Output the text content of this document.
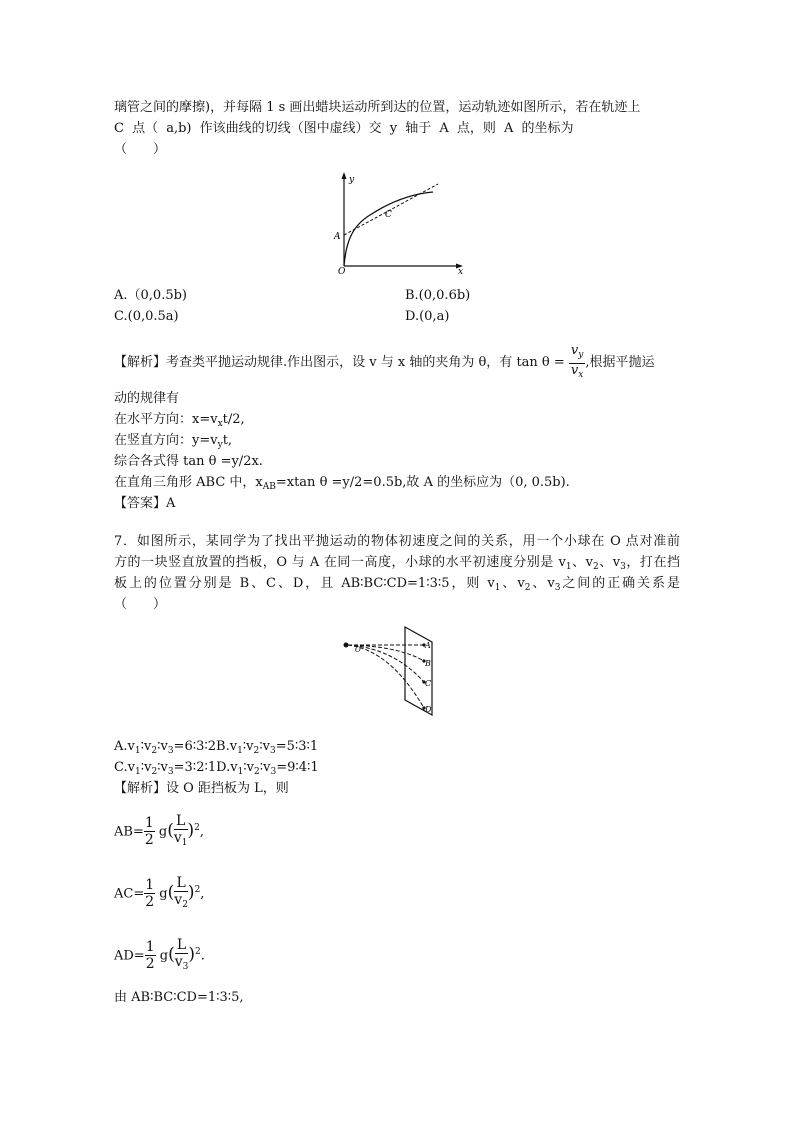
璃管之间的摩擦)，并每隔 1 s 画出蜡块运动所到达的位置，运动轨迹如图所示，若在轨迹上
C 点（ a,b) 作该曲线的切线（图中虚线）交 y 轴于 A 点，则 A 的坐标为
（　　）
y
x
O
A
C
A.（0,0.5b)	B.(0,0.6b)
C.(0,0.5a)	D.(0,a)
【解析】考查类平抛运动规律.作出图示，设 v 与 x 轴的夹角为 θ，有 $\tan \theta = \frac{v_y}{v_x}$ ,根据平抛运
动的规律有
在水平方向：$x=v_xt/2$,
在竖直方向：$y=v_yt$,
综合各式得 tan θ =y/2x.
在直角三角形 ABC 中，$x_{AB}=xtan$ θ =y/2=0.5b,故 A 的坐标应为（0, 0.5b).
【答案】A
7．如图所示，某同学为了找出平抛运动的物体初速度之间的关系，用一个小球在 O 点对准前
方的一块竖直放置的挡板，O 与 A 在同一高度，小球的水平初速度分别是 $v_1$、$v_2$、$v_3$，打在挡
板上的位置分别是 B、C、D，且 AB∶BC∶CD=1∶3∶5，则 $v_1$、$v_2$、$v_3$之间的正确关系是
（　　）
O	A
B
C
D
$A.v_1∶v_2∶v_3=6∶3∶2B.v_1∶v_2∶v_3=5∶3∶1$
$C.v_1∶v_2∶v_3=3∶2∶1D.v_1∶v_2∶v_3=9∶4∶1$
【解析】设 O 距挡板为 L，则
$AB= \frac{1}{2} g( \frac{L}{v_1} )^2$,
$AC= \frac{1}{2} g( \frac{L}{v_2} )^2$,
$AD= \frac{1}{2} g( \frac{L}{v_3} )^2$.
由 AB∶BC∶CD=1∶3∶5,
